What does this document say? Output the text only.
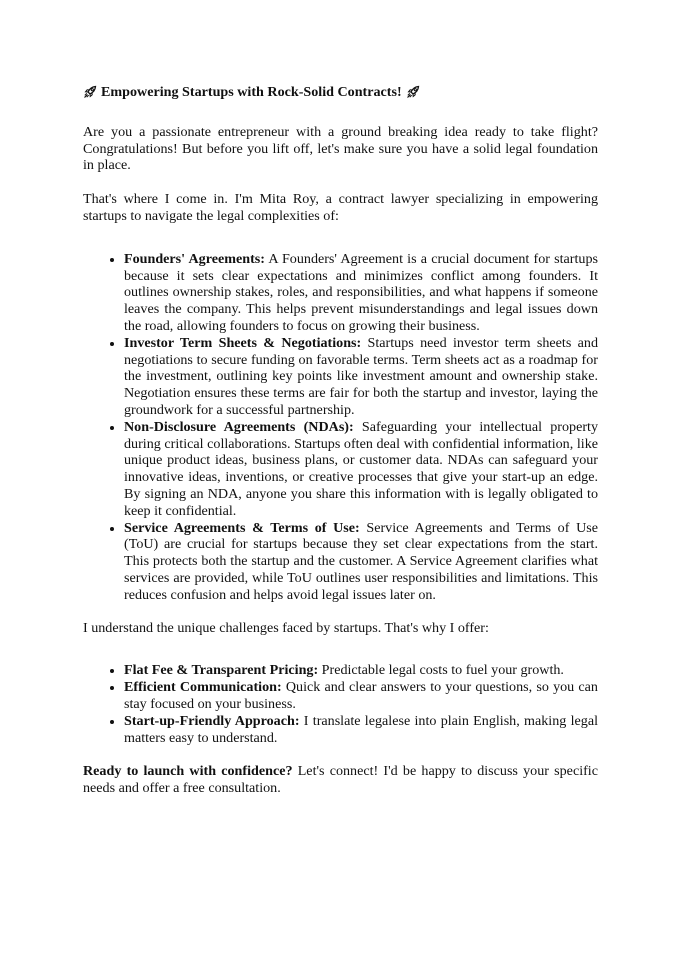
Empowering Startups with Rock-Solid Contracts!

Are you a passionate entrepreneur with a ground breaking idea ready to take flight? Congratulations! But before you lift off, let's make sure you have a solid legal foundation in place.

That's where I come in. I'm Mita Roy, a contract lawyer specializing in empowering startups to navigate the legal complexities of:

• Founders' Agreements: A Founders' Agreement is a crucial document for startups because it sets clear expectations and minimizes conflict among founders. It outlines ownership stakes, roles, and responsibilities, and what happens if someone leaves the company. This helps prevent misunderstandings and legal issues down the road, allowing founders to focus on growing their business.
• Investor Term Sheets & Negotiations: Startups need investor term sheets and negotiations to secure funding on favorable terms. Term sheets act as a roadmap for the investment, outlining key points like investment amount and ownership stake. Negotiation ensures these terms are fair for both the startup and investor, laying the groundwork for a successful partnership.
• Non-Disclosure Agreements (NDAs): Safeguarding your intellectual property during critical collaborations. Startups often deal with confidential information, like unique product ideas, business plans, or customer data. NDAs can safeguard your innovative ideas, inventions, or creative processes that give your start-up an edge. By signing an NDA, anyone you share this information with is legally obligated to keep it confidential.
• Service Agreements & Terms of Use: Service Agreements and Terms of Use (ToU) are crucial for startups because they set clear expectations from the start. This protects both the startup and the customer. A Service Agreement clarifies what services are provided, while ToU outlines user responsibilities and limitations. This reduces confusion and helps avoid legal issues later on.

I understand the unique challenges faced by startups. That's why I offer:

• Flat Fee & Transparent Pricing: Predictable legal costs to fuel your growth.
• Efficient Communication: Quick and clear answers to your questions, so you can stay focused on your business.
• Start-up-Friendly Approach: I translate legalese into plain English, making legal matters easy to understand.

Ready to launch with confidence? Let's connect! I'd be happy to discuss your specific needs and offer a free consultation.
